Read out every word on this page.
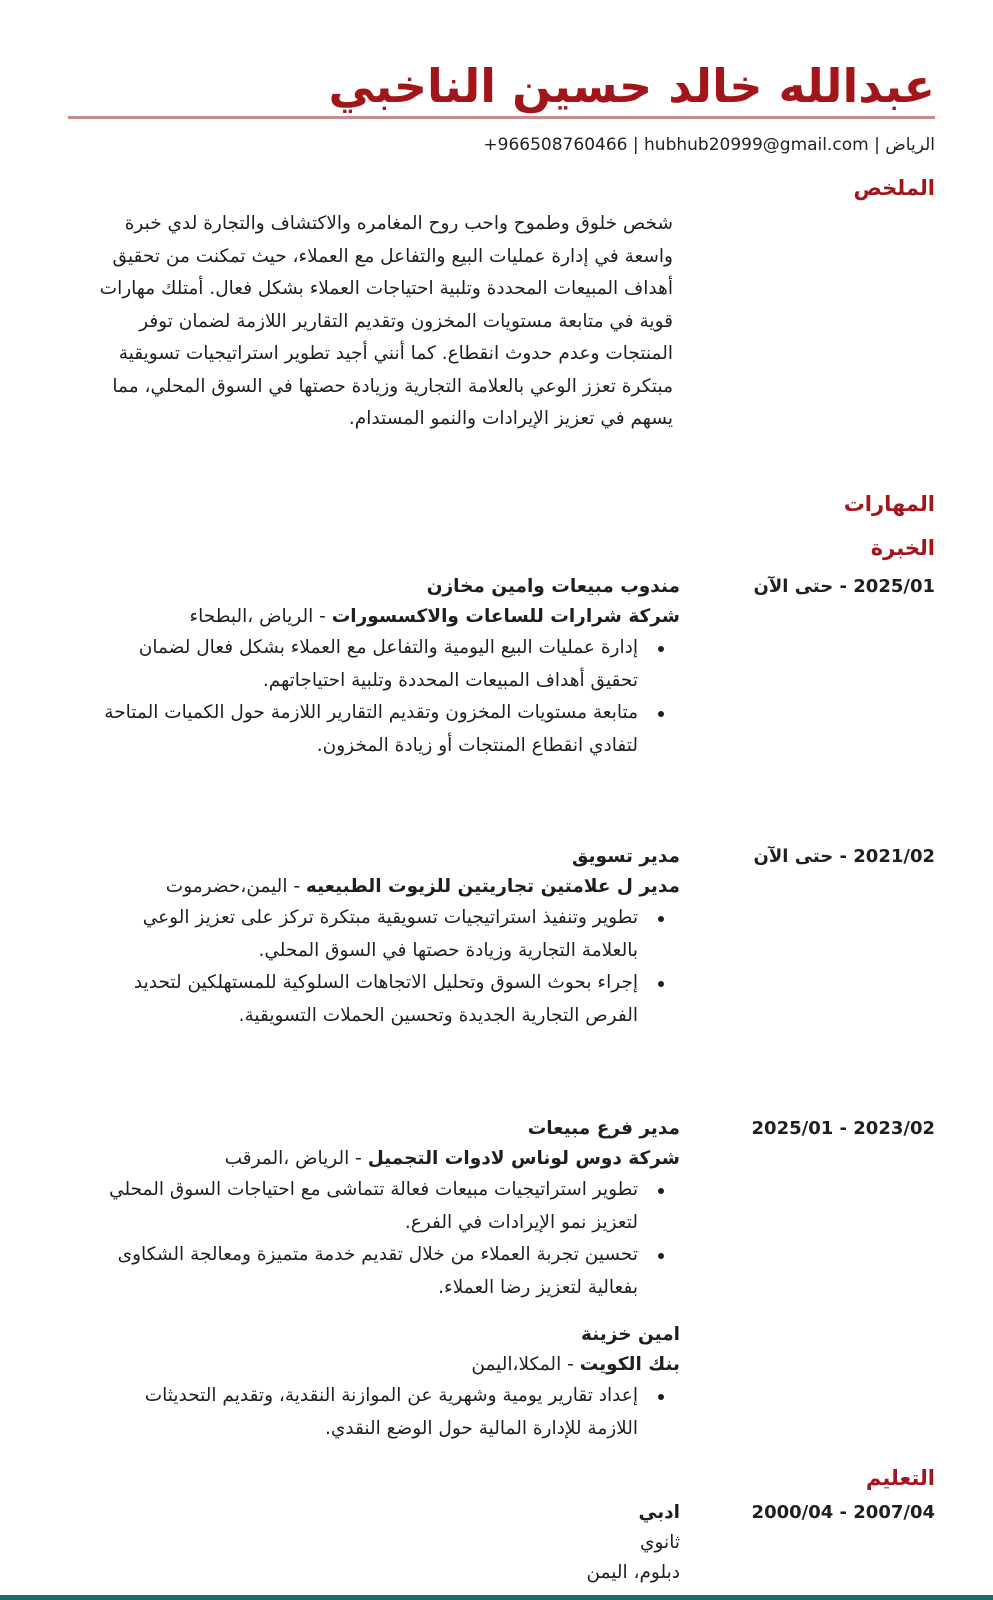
عبدالله خالد حسين الناخبي
الرياض | +966508760466 | hubhub20999@gmail.com
الملخص

شخص خلوق وطموح واحب روح المغامره والاكتشاف والتجارة لدي خبرة واسعة في إدارة عمليات البيع والتفاعل مع العملاء، حيث تمكنت من تحقيق أهداف المبيعات المحددة وتلبية احتياجات العملاء بشكل فعال. أمتلك مهارات قوية في متابعة مستويات المخزون وتقديم التقارير اللازمة لضمان توفر المنتجات وعدم حدوث انقطاع. كما أنني أجيد تطوير استراتيجيات تسويقية مبتكرة تعزز الوعي بالعلامة التجارية وزيادة حصتها في السوق المحلي، مما يسهم في تعزيز الإيرادات والنمو المستدام.

المهارات
الخبرة
2025/01 - حتى الآن

مندوب مبيعات وامين مخازن

شركة شرارات للساعات والاكسسورات - الرياض ،البطحاء

إدارة عمليات البيع اليومية والتفاعل مع العملاء بشكل فعال لضمان تحقيق أهداف المبيعات المحددة وتلبية احتياجاتهم.
متابعة مستويات المخزون وتقديم التقارير اللازمة حول الكميات المتاحة لتفادي انقطاع المنتجات أو زيادة المخزون.
2021/02 - حتى الآن

مدير تسويق

مدير ل علامتين تجاريتين للزيوت الطبيعيه - اليمن،حضرموت

تطوير وتنفيذ استراتيجيات تسويقية مبتكرة تركز على تعزيز الوعي بالعلامة التجارية وزيادة حصتها في السوق المحلي.
إجراء بحوث السوق وتحليل الاتجاهات السلوكية للمستهلكين لتحديد الفرص التجارية الجديدة وتحسين الحملات التسويقية.
2023/02 - 2025/01

مدير فرع مبيعات

شركة دوس لوناس لادوات التجميل - الرياض ،المرقب

تطوير استراتيجيات مبيعات فعالة تتماشى مع احتياجات السوق المحلي لتعزيز نمو الإيرادات في الفرع.
تحسين تجربة العملاء من خلال تقديم خدمة متميزة ومعالجة الشكاوى بفعالية لتعزيز رضا العملاء.

امين خزينة

بنك الكويت - المكلا،اليمن

إعداد تقارير يومية وشهرية عن الموازنة النقدية، وتقديم التحديثات اللازمة للإدارة المالية حول الوضع النقدي.
التعليم
2000/04 - 2007/04

ادبي

ثانوي

دبلوم، اليمن
